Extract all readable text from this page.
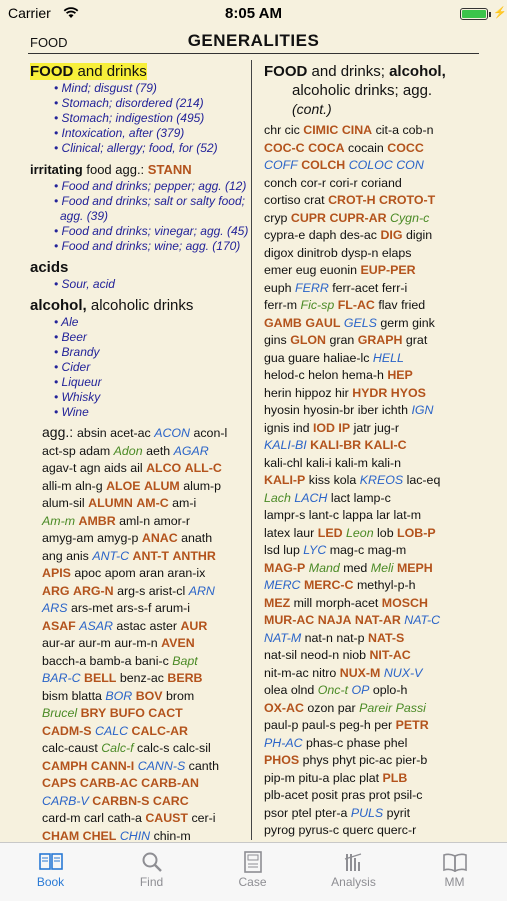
Carrier	8:05 AM	⚡
FOOD	GENERALITIES
FOOD and drinks
• Mind; disgust (79)
• Stomach; disordered (214)
• Stomach; indigestion (495)
• Intoxication, after (379)
• Clinical; allergy; food, for (52)
irritating food agg.: STANN
• Food and drinks; pepper; agg. (12)
• Food and drinks; salt or salty food; agg. (39)
• Food and drinks; vinegar; agg. (45)
• Food and drinks; wine; agg. (170)
acids
• Sour, acid
alcohol, alcoholic drinks
• Ale
• Beer
• Brandy
• Cider
• Liqueur
• Whisky
• Wine
agg.: absin acet-ac ACON acon-l
act-sp adam Adon aeth AGAR
agav-t agn aids ail ALCO ALL-C
alli-m aln-g ALOE ALUM alum-p
alum-sil ALUMN AM-C am-i
Am-m AMBR aml-n amor-r
amyg-am amyg-p ANAC anath
ang anis ANT-C ANT-T ANTHR
APIS apoc apom aran aran-ix
ARG ARG-N arg-s arist-cl ARN
ARS ars-met ars-s-f arum-i
ASAF ASAR astac aster AUR
aur-ar aur-m aur-m-n AVEN
bacch-a bamb-a bani-c Bapt
BAR-C BELL benz-ac BERB
bism blatta BOR BOV brom
Brucel BRY BUFO CACT
CADM-S CALC CALC-AR
calc-caust Calc-f calc-s calc-sil
CAMPH CANN-I CANN-S canth
CAPS CARB-AC CARB-AN
CARB-V CARBN-S CARC
card-m carl cath-a CAUST cer-i
CHAM CHEL CHIN chin-m
FOOD and drinks; alcohol,
alcoholic drinks; agg.
(cont.)
chr cic CIMIC CINA cit-a cob-n
COC-C COCA cocain COCC
COFF COLCH COLOC CON
conch cor-r cori-r coriand
cortiso crat CROT-H CROTO-T
cryp CUPR CUPR-AR Cygn-c
cypra-e daph des-ac DIG digin
digox dinitrob dysp-n elaps
emer eug euonin EUP-PER
euph FERR ferr-acet ferr-i
ferr-m Fic-sp FL-AC flav fried
GAMB GAUL GELS germ gink
gins GLON gran GRAPH grat
gua guare haliae-lc HELL
helod-c helon hema-h HEP
herin hippoz hir HYDR HYOS
hyosin hyosin-br iber ichth IGN
ignis ind IOD IP jatr jug-r
KALI-BI KALI-BR KALI-C
kali-chl kali-i kali-m kali-n
KALI-P kiss kola KREOS lac-eq
Lach LACH lact lamp-c
lampr-s lant-c lappa lar lat-m
latex laur LED Leon lob LOB-P
lsd lup LYC mag-c mag-m
MAG-P Mand med Meli MEPH
MERC MERC-C methyl-p-h
MEZ mill morph-acet MOSCH
MUR-AC NAJA NAT-AR NAT-C
NAT-M nat-n nat-p NAT-S
nat-sil neod-n niob NIT-AC
nit-m-ac nitro NUX-M NUX-V
olea olnd Onc-t OP oplo-h
OX-AC ozon par Pareir Passi
paul-p paul-s peg-h per PETR
PH-AC phas-c phase phel
PHOS phys phyt pic-ac pier-b
pip-m pitu-a plac plat PLB
plb-acet posit pras prot psil-c
psor ptel pter-a PULS pyrit
pyrog pyrus-c querc querc-r
Book	Find	Case	Analysis	MM
